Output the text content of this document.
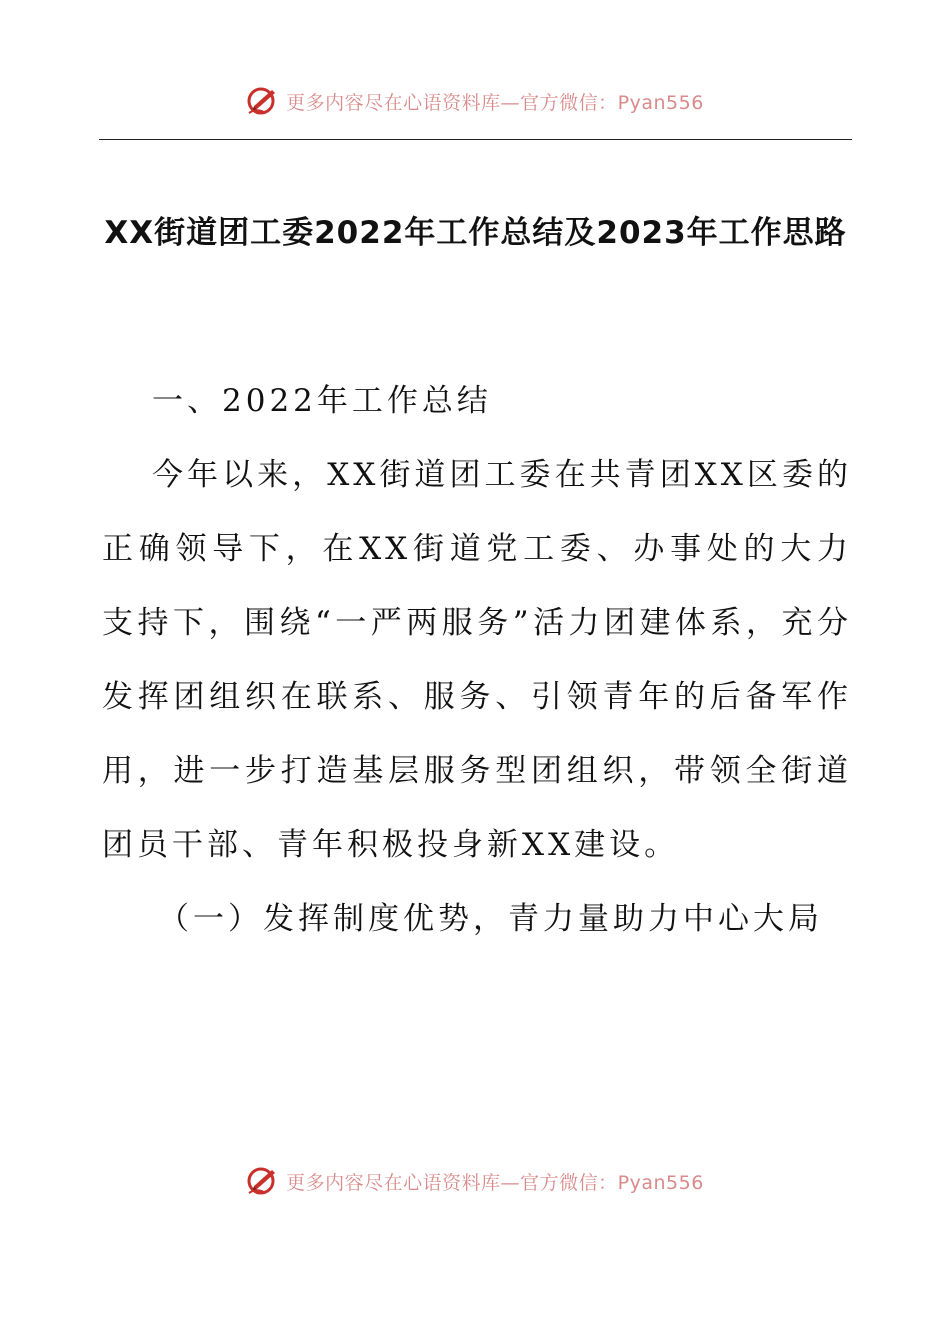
更多内容尽在心语资料库—官方微信：Pyan556
XX街道团工委2022年工作总结及2023年工作思路

一、2022年工作总结

今年以来，XX街道团工委在共青团XX区委的正确领导下，在XX街道党工委、办事处的大力支持下，围绕“一严两服务”活力团建体系，充分发挥团组织在联系、服务、引领青年的后备军作用，进一步打造基层服务型团组织，带领全街道团员干部、青年积极投身新XX建设。

（一）发挥制度优势，青力量助力中心大局

更多内容尽在心语资料库—官方微信：Pyan556
